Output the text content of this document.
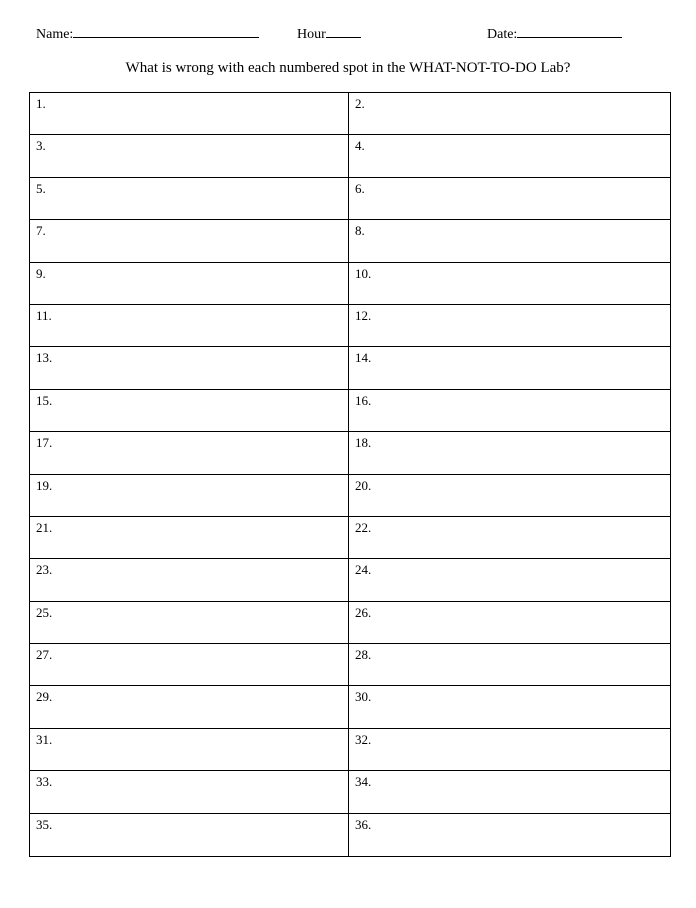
Name:	Hour	Date:
What is wrong with each numbered spot in the WHAT-NOT-TO-DO Lab?
1.	2.
3.	4.
5.	6.
7.	8.
9.	10.
11.	12.
13.	14.
15.	16.
17.	18.
19.	20.
21.	22.
23.	24.
25.	26.
27.	28.
29.	30.
31.	32.
33.	34.
35.	36.
